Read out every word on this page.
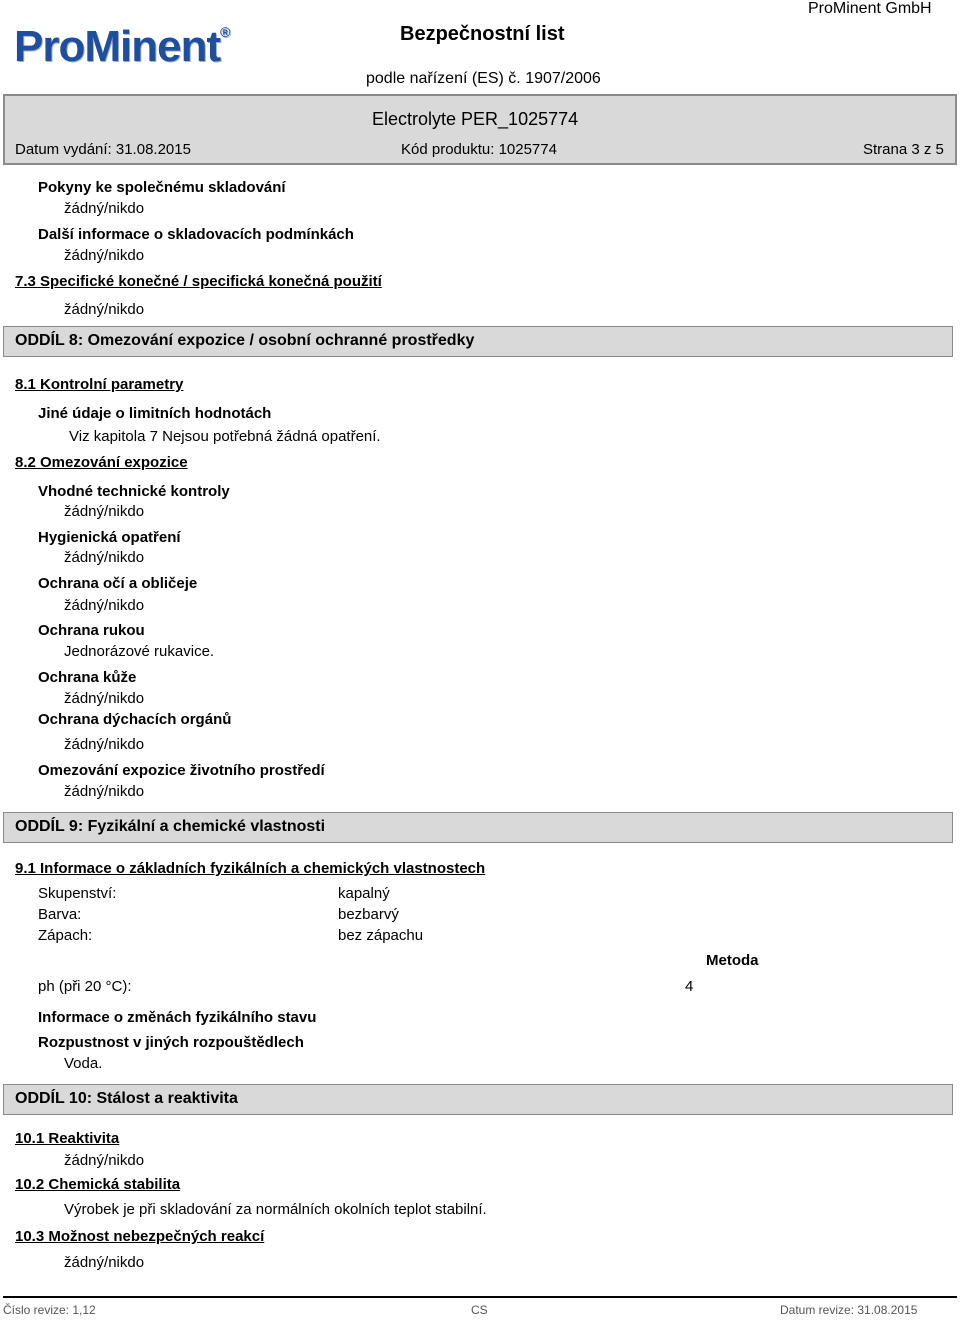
ProMinent®
ProMinent GmbH
Bezpečnostní list
podle nařízení (ES) č. 1907/2006
Electrolyte PER_1025774
Datum vydání: 31.08.2015	Kód produktu: 1025774	Strana 3 z 5
Pokyny ke společnému skladování
žádný/nikdo
Další informace o skladovacích podmínkách
žádný/nikdo
7.3 Specifické konečné / specifická konečná použití
žádný/nikdo
ODDÍL 8: Omezování expozice / osobní ochranné prostředky
8.1 Kontrolní parametry
Jiné údaje o limitních hodnotách
Viz kapitola 7 Nejsou potřebná žádná opatření.
8.2 Omezování expozice
Vhodné technické kontroly
žádný/nikdo
Hygienická opatření
žádný/nikdo
Ochrana očí a obličeje
žádný/nikdo
Ochrana rukou
Jednorázové rukavice.
Ochrana kůže
žádný/nikdo
Ochrana dýchacích orgánů
žádný/nikdo
Omezování expozice životního prostředí
žádný/nikdo
ODDÍL 9: Fyzikální a chemické vlastnosti
9.1 Informace o základních fyzikálních a chemických vlastnostech
Skupenství:	kapalný
Barva:	bezbarvý
Zápach:	bez zápachu
Metoda
ph (při 20 °C):	4
Informace o změnách fyzikálního stavu
Rozpustnost v jiných rozpouštědlech
Voda.
ODDÍL 10: Stálost a reaktivita
10.1 Reaktivita
žádný/nikdo
10.2 Chemická stabilita
Výrobek je při skladování za normálních okolních teplot stabilní.
10.3 Možnost nebezpečných reakcí
žádný/nikdo
Číslo revize: 1,12	CS	Datum revize: 31.08.2015
